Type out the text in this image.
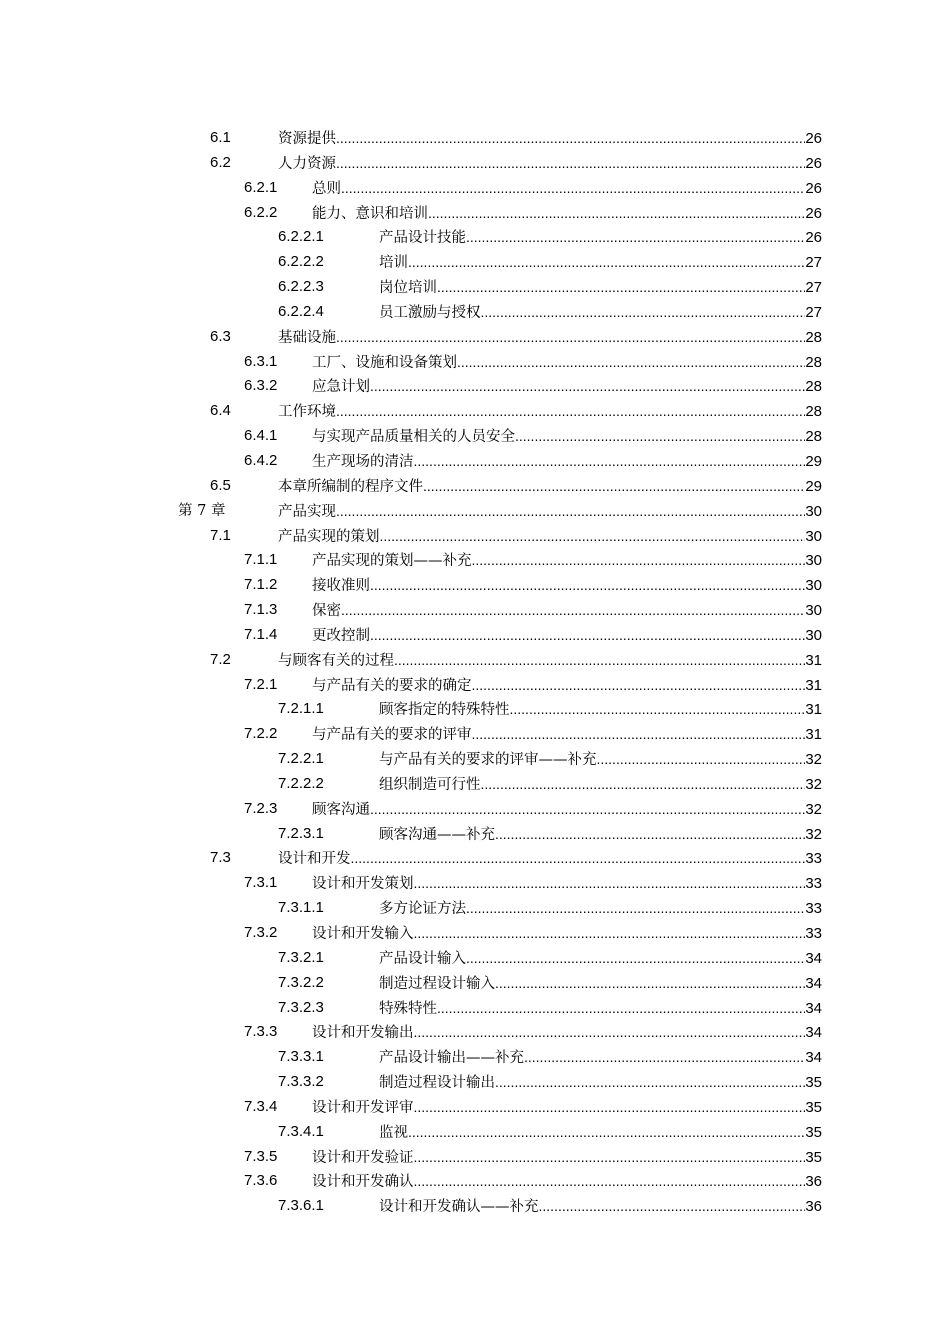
6.1	资源提供 .....	26
6.2	人力资源 .....	26
6.2.1 总则 .....	26
6.2.2 能力、意识和培训 .....	26
6.2.2.1	产品设计技能 .....	26
6.2.2.2	培训 .....	27
6.2.2.3	岗位培训 .....	27
6.2.2.4	员工激励与授权 .....	27
6.3	基础设施 .....	28
6.3.1 工厂、设施和设备策划 .....	28
6.3.2 应急计划 .....	28
6.4	工作环境 .....	28
6.4.1 与实现产品质量相关的人员安全 .....	28
6.4.2 生产现场的清洁 .....	29
6.5	本章所编制的程序文件 .....	29
第 7 章	产品实现 .....	30
7.1	产品实现的策划 .....	30
7.1.1 产品实现的策划——补充 .....	30
7.1.2 接收准则 .....	30
7.1.3 保密 .....	30
7.1.4 更改控制 .....	30
7.2	与顾客有关的过程 .....	31
7.2.1 与产品有关的要求的确定 .....	31
7.2.1.1	顾客指定的特殊特性 .....	31
7.2.2 与产品有关的要求的评审 .....	31
7.2.2.1	与产品有关的要求的评审——补充 .....	32
7.2.2.2	组织制造可行性 .....	32
7.2.3 顾客沟通 .....	32
7.2.3.1	顾客沟通——补充 .....	32
7.3	设计和开发 .....	33
7.3.1 设计和开发策划 .....	33
7.3.1.1	多方论证方法 .....	33
7.3.2 设计和开发输入 .....	33
7.3.2.1	产品设计输入 .....	34
7.3.2.2	制造过程设计输入 .....	34
7.3.2.3	特殊特性 .....	34
7.3.3 设计和开发输出 .....	34
7.3.3.1	产品设计输出——补充 .....	34
7.3.3.2	制造过程设计输出 .....	35
7.3.4 设计和开发评审 .....	35
7.3.4.1	监视 .....	35
7.3.5 设计和开发验证 .....	35
7.3.6 设计和开发确认 .....	36
7.3.6.1	设计和开发确认——补充 .....	36
